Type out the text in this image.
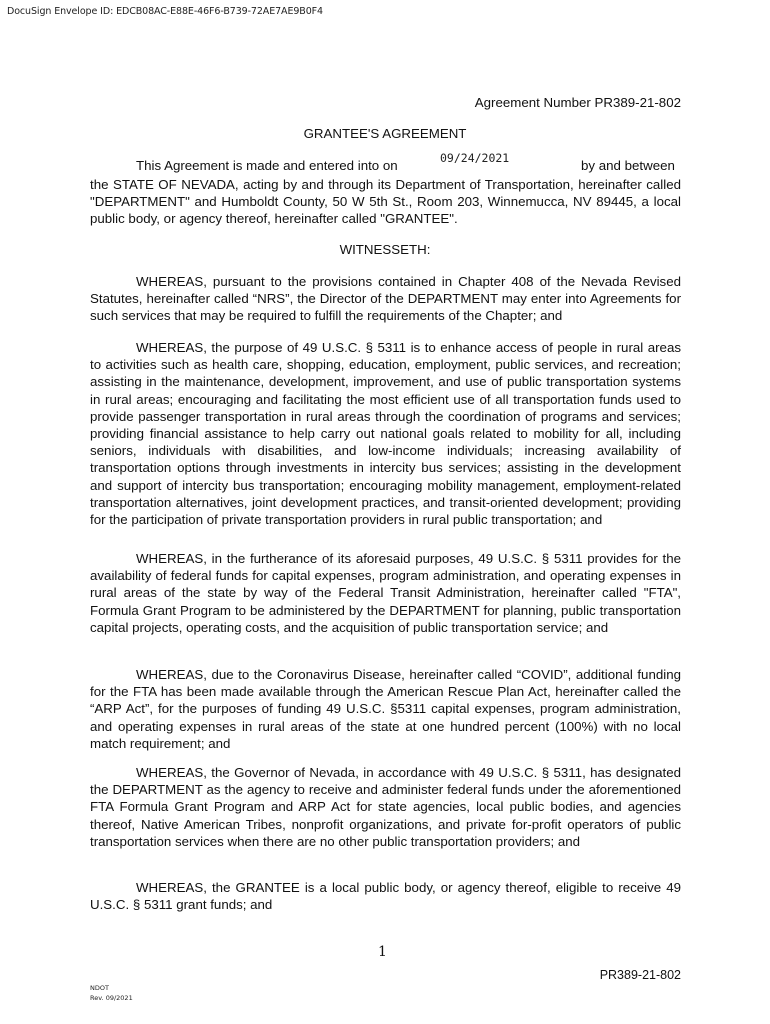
DocuSign Envelope ID: EDCB08AC-E88E-46F6-B739-72AE7AE9B0F4
Agreement Number PR389-21-802
GRANTEE'S AGREEMENT
This Agreement is made and entered into on	09/24/2021	by and between

the STATE OF NEVADA, acting by and through its Department of Transportation, hereinafter called "DEPARTMENT" and Humboldt County, 50 W 5th St., Room 203, Winnemucca, NV 89445, a local public body, or agency thereof, hereinafter called "GRANTEE".

WITNESSETH:

WHEREAS, pursuant to the provisions contained in Chapter 408 of the Nevada Revised Statutes, hereinafter called “NRS”, the Director of the DEPARTMENT may enter into Agreements for such services that may be required to fulfill the requirements of the Chapter; and

WHEREAS, the purpose of 49 U.S.C. § 5311 is to enhance access of people in rural areas to activities such as health care, shopping, education, employment, public services, and recreation; assisting in the maintenance, development, improvement, and use of public transportation systems in rural areas; encouraging and facilitating the most efficient use of all transportation funds used to provide passenger transportation in rural areas through the coordination of programs and services; providing financial assistance to help carry out national goals related to mobility for all, including seniors, individuals with disabilities, and low-income individuals; increasing availability of transportation options through investments in intercity bus services; assisting in the development and support of intercity bus transportation; encouraging mobility management, employment-related transportation alternatives, joint development practices, and transit-oriented development; providing for the participation of private transportation providers in rural public transportation; and

WHEREAS, in the furtherance of its aforesaid purposes, 49 U.S.C. § 5311 provides for the availability of federal funds for capital expenses, program administration, and operating expenses in rural areas of the state by way of the Federal Transit Administration, hereinafter called "FTA", Formula Grant Program to be administered by the DEPARTMENT for planning, public transportation capital projects, operating costs, and the acquisition of public transportation service; and

WHEREAS, due to the Coronavirus Disease, hereinafter called “COVID”, additional funding for the FTA has been made available through the American Rescue Plan Act, hereinafter called the “ARP Act”, for the purposes of funding 49 U.S.C. §5311 capital expenses, program administration, and operating expenses in rural areas of the state at one hundred percent (100%) with no local match requirement; and

WHEREAS, the Governor of Nevada, in accordance with 49 U.S.C. § 5311, has designated the DEPARTMENT as the agency to receive and administer federal funds under the aforementioned FTA Formula Grant Program and ARP Act for state agencies, local public bodies, and agencies thereof, Native American Tribes, nonprofit organizations, and private for-profit operators of public transportation services when there are no other public transportation providers; and

WHEREAS, the GRANTEE is a local public body, or agency thereof, eligible to receive 49 U.S.C. § 5311 grant funds; and

1
PR389-21-802
NDOT
Rev. 09/2021
